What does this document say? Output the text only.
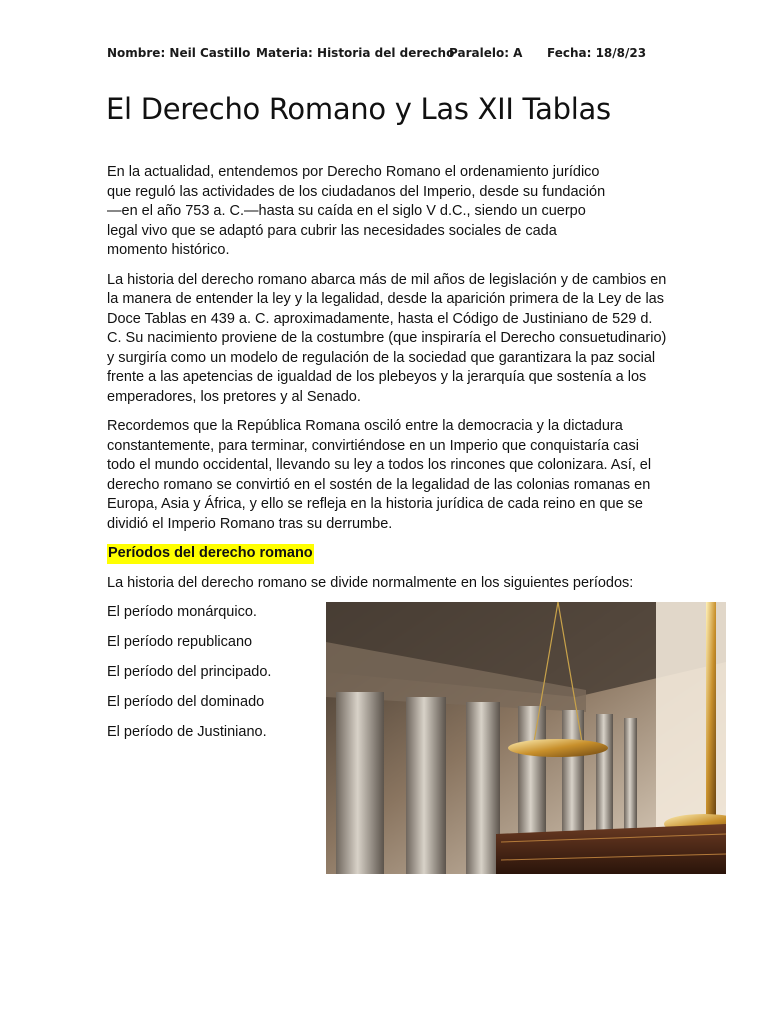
Nombre: Neil Castillo Materia: Historia del derecho
Paralelo: A Fecha: 18/8/23
El Derecho Romano y Las XII Tablas

En la actualidad, entendemos por Derecho Romano el ordenamiento jurídico que reguló las actividades de los ciudadanos del Imperio, desde su fundación—en el año 753 a. C.—hasta su caída en el siglo V d.C., siendo un cuerpo legal vivo que se adaptó para cubrir las necesidades sociales de cada momento histórico.

La historia del derecho romano abarca más de mil años de legislación y de cambios en la manera de entender la ley y la legalidad, desde la aparición primera de la Ley de las Doce Tablas en 439 a. C. aproximadamente, hasta el Código de Justiniano de 529 d. C. Su nacimiento proviene de la costumbre (que inspiraría el Derecho consuetudinario) y surgiría como un modelo de regulación de la sociedad que garantizara la paz social frente a las apetencias de igualdad de los plebeyos y la jerarquía que sostenía a los emperadores, los pretores y al Senado.

Recordemos que la República Romana osciló entre la democracia y la dictadura constantemente, para terminar, convirtiéndose en un Imperio que conquistaría casi todo el mundo occidental, llevando su ley a todos los rincones que colonizara. Así, el derecho romano se convirtió en el sostén de la legalidad de las colonias romanas en Europa, Asia y África, y ello se refleja en la historia jurídica de cada reino en que se dividió el Imperio Romano tras su derrumbe.

Períodos del derecho romano

La historia del derecho romano se divide normalmente en los siguientes períodos:

El período monárquico.
El período republicano
El período del principado.
El período del dominado
El período de Justiniano.
